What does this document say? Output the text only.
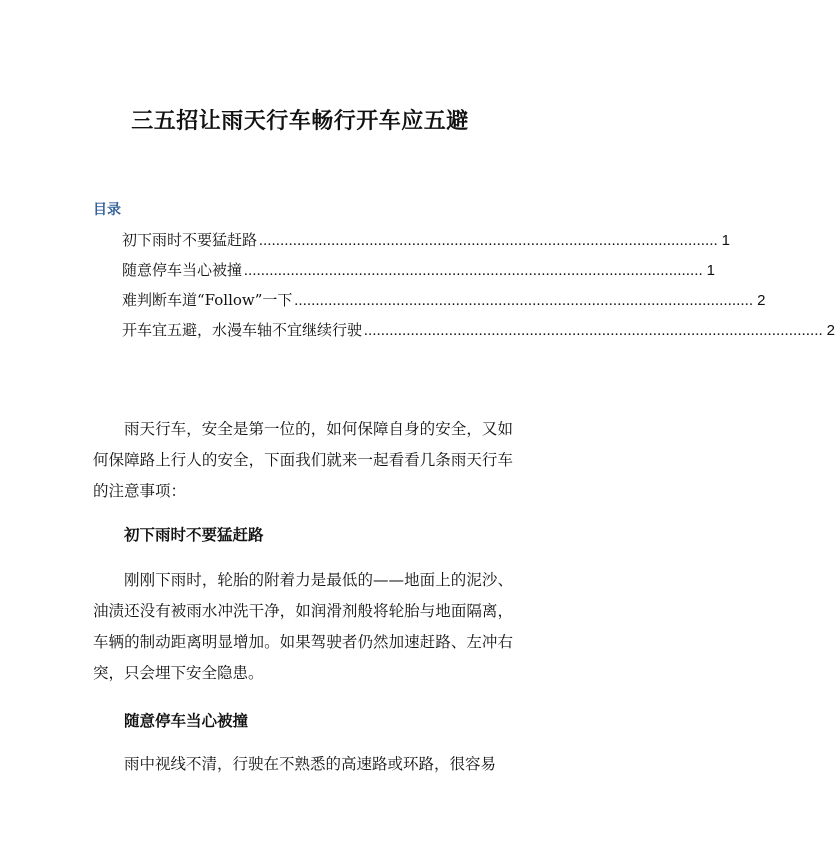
三五招让雨天行车畅行开车应五避
目录
初下雨时不要猛赶路 ............................................................................................................ 1
随意停车当心被撞 ............................................................................................................ 1
难判断车道“Follow”一下 ............................................................................................................ 2
开车宜五避，水漫车轴不宜继续行驶 ............................................................................................................ 2
雨天行车，安全是第一位的，如何保障自身的安全，又如何保障路上行人的安全，下面我们就来一起看看几条雨天行车的注意事项：
初下雨时不要猛赶路
刚刚下雨时，轮胎的附着力是最低的——地面上的泥沙、油渍还没有被雨水冲洗干净，如润滑剂般将轮胎与地面隔离，车辆的制动距离明显增加。如果驾驶者仍然加速赶路、左冲右突，只会埋下安全隐患。
随意停车当心被撞
雨中视线不清，行驶在不熟悉的高速路或环路，很容易
